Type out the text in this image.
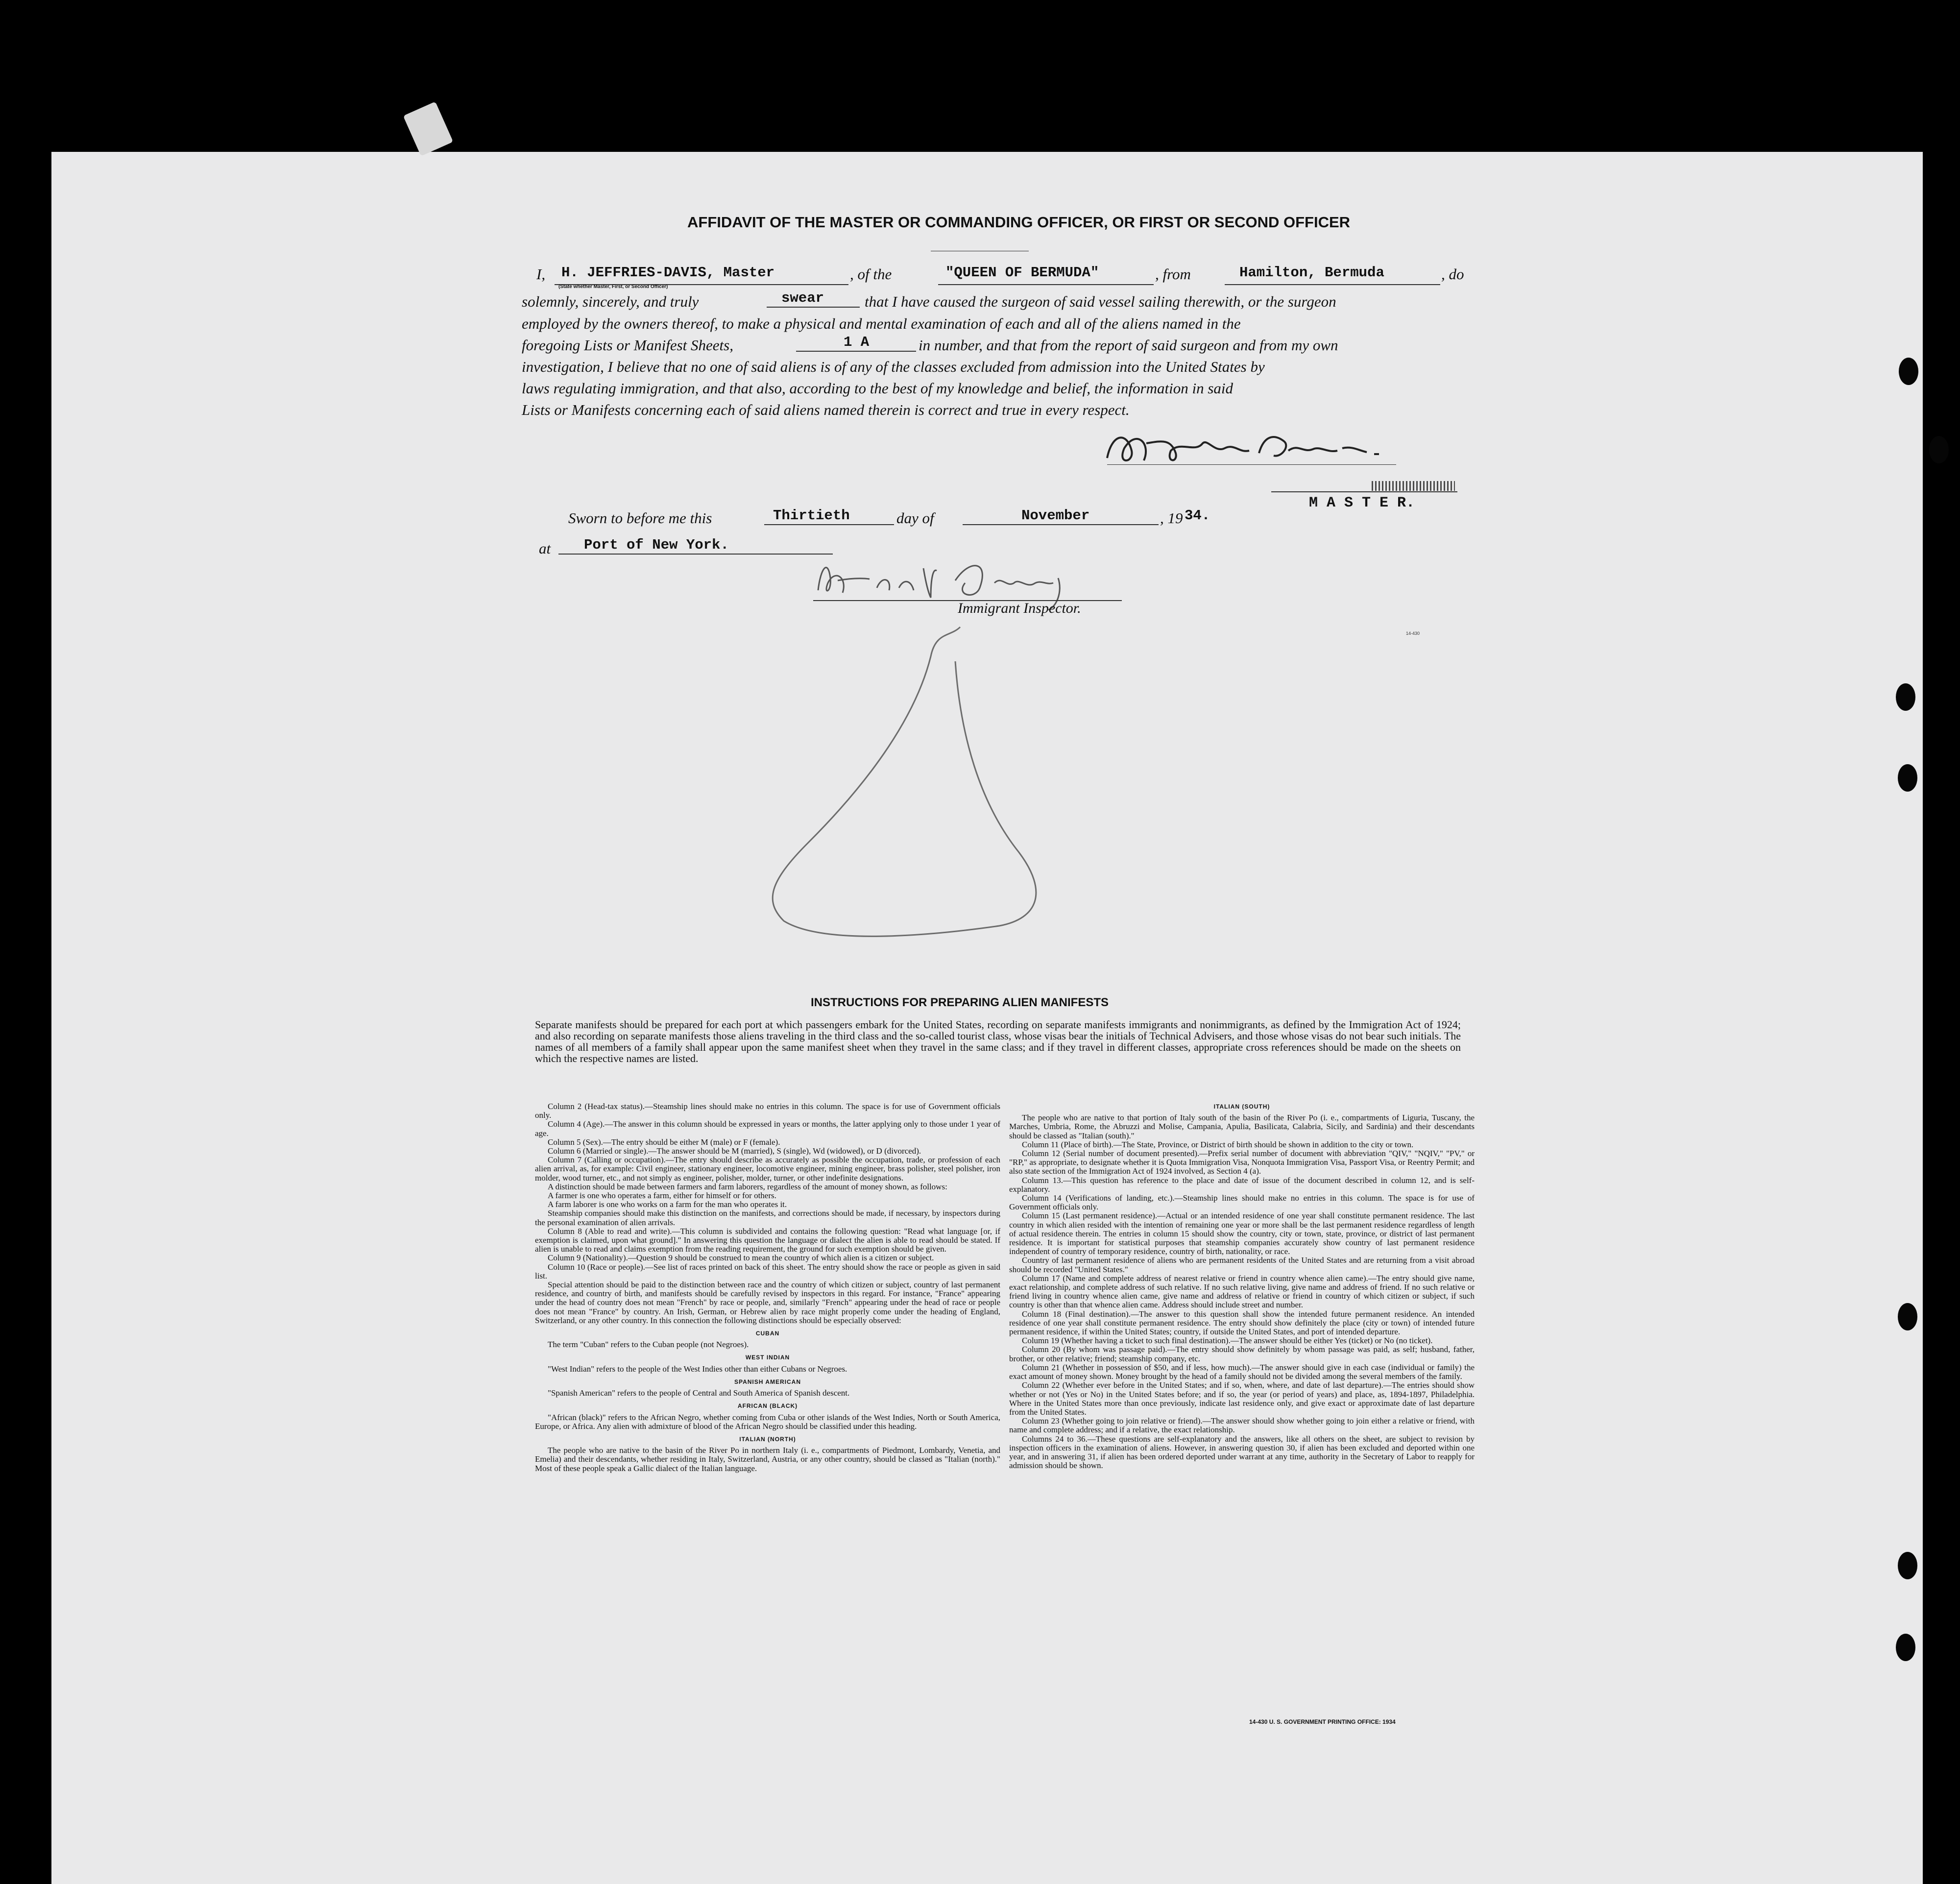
AFFIDAVIT OF THE MASTER OR COMMANDING OFFICER, OR FIRST OR SECOND OFFICER
I, H. JEFFRIES-DAVIS, Master	, of the	"QUEEN OF BERMUDA"	, from	Hamilton, Bermuda	, do
(State whether Master, First, or Second Officer)
solemnly, sincerely, and truly	swear	that I have caused the surgeon of said vessel sailing therewith, or the surgeon
employed by the owners thereof, to make a physical and mental examination of each and all of the aliens named in the
foregoing Lists or Manifest Sheets,	1 A	in number, and that from the report of said surgeon and from my own
investigation, I believe that no one of said aliens is of any of the classes excluded from admission into the United States by
laws regulating immigration, and that also, according to the best of my knowledge and belief, the information in said
Lists or Manifests concerning each of said aliens named therein is correct and true in every respect.
M A S T E R.
Sworn to before me this	Thirtieth	day of	November	, 19 34.
at Port of New York.
Immigrant Inspector.
14-430
INSTRUCTIONS FOR PREPARING ALIEN MANIFESTS
Separate manifests should be prepared for each port at which passengers embark for the United States, recording on separate manifests immigrants and nonimmigrants, as defined by the Immigration Act of 1924; and also recording on separate manifests those aliens traveling in the third class and the so-called tourist class, whose visas bear the initials of Technical Advisers, and those whose visas do not bear such initials. The names of all members of a family shall appear upon the same manifest sheet when they travel in the same class; and if they travel in different classes, appropriate cross references should be made on the sheets on which the respective names are listed.

Column 2 (Head-tax status).—Steamship lines should make no entries in this column. The space is for use of Government officials only.

Column 4 (Age).—The answer in this column should be expressed in years or months, the latter applying only to those under 1 year of age.

Column 5 (Sex).—The entry should be either M (male) or F (female).

Column 6 (Married or single).—The answer should be M (married), S (single), Wd (widowed), or D (divorced).

Column 7 (Calling or occupation).—The entry should describe as accurately as possible the occupation, trade, or profession of each alien arrival, as, for example: Civil engineer, stationary engineer, locomotive engineer, mining engineer, brass polisher, steel polisher, iron molder, wood turner, etc., and not simply as engineer, polisher, molder, turner, or other indefinite designations.

A distinction should be made between farmers and farm laborers, regardless of the amount of money shown, as follows:

A farmer is one who operates a farm, either for himself or for others.

A farm laborer is one who works on a farm for the man who operates it.

Steamship companies should make this distinction on the manifests, and corrections should be made, if necessary, by inspectors during the personal examination of alien arrivals.

Column 8 (Able to read and write).—This column is subdivided and contains the following question: "Read what language [or, if exemption is claimed, upon what ground]." In answering this question the language or dialect the alien is able to read should be stated. If alien is unable to read and claims exemption from the reading requirement, the ground for such exemption should be given.

Column 9 (Nationality).—Question 9 should be construed to mean the country of which alien is a citizen or subject.

Column 10 (Race or people).—See list of races printed on back of this sheet. The entry should show the race or people as given in said list.

Special attention should be paid to the distinction between race and the country of which citizen or subject, country of last permanent residence, and country of birth, and manifests should be carefully revised by inspectors in this regard. For instance, "France" appearing under the head of country does not mean "French" by race or people, and, similarly "French" appearing under the head of race or people does not mean "France" by country. An Irish, German, or Hebrew alien by race might properly come under the heading of England, Switzerland, or any other country. In this connection the following distinctions should be especially observed:

CUBAN

The term "Cuban" refers to the Cuban people (not Negroes).

WEST INDIAN

"West Indian" refers to the people of the West Indies other than either Cubans or Negroes.

SPANISH AMERICAN

"Spanish American" refers to the people of Central and South America of Spanish descent.

AFRICAN (BLACK)

"African (black)" refers to the African Negro, whether coming from Cuba or other islands of the West Indies, North or South America, Europe, or Africa. Any alien with admixture of blood of the African Negro should be classified under this heading.

ITALIAN (NORTH)

The people who are native to the basin of the River Po in northern Italy (i. e., compartments of Piedmont, Lombardy, Venetia, and Emelia) and their descendants, whether residing in Italy, Switzerland, Austria, or any other country, should be classed as "Italian (north)." Most of these people speak a Gallic dialect of the Italian language.

ITALIAN (SOUTH)

The people who are native to that portion of Italy south of the basin of the River Po (i. e., compartments of Liguria, Tuscany, the Marches, Umbria, Rome, the Abruzzi and Molise, Campania, Apulia, Basilicata, Calabria, Sicily, and Sardinia) and their descendants should be classed as "Italian (south)."

Column 11 (Place of birth).—The State, Province, or District of birth should be shown in addition to the city or town.

Column 12 (Serial number of document presented).—Prefix serial number of document with abbreviation "QIV," "NQIV," "PV," or "RP," as appropriate, to designate whether it is Quota Immigration Visa, Nonquota Immigration Visa, Passport Visa, or Reentry Permit; and also state section of the Immigration Act of 1924 involved, as Section 4 (a).

Column 13.—This question has reference to the place and date of issue of the document described in column 12, and is self-explanatory.

Column 14 (Verifications of landing, etc.).—Steamship lines should make no entries in this column. The space is for use of Government officials only.

Column 15 (Last permanent residence).—Actual or an intended residence of one year shall constitute permanent residence. The last country in which alien resided with the intention of remaining one year or more shall be the last permanent residence regardless of length of actual residence therein. The entries in column 15 should show the country, city or town, state, province, or district of last permanent residence. It is important for statistical purposes that steamship companies accurately show country of last permanent residence independent of country of temporary residence, country of birth, nationality, or race.

Country of last permanent residence of aliens who are permanent residents of the United States and are returning from a visit abroad should be recorded "United States."

Column 17 (Name and complete address of nearest relative or friend in country whence alien came).—The entry should give name, exact relationship, and complete address of such relative. If no such relative living, give name and address of friend. If no such relative or friend living in country whence alien came, give name and address of relative or friend in country of which citizen or subject, if such country is other than that whence alien came. Address should include street and number.

Column 18 (Final destination).—The answer to this question shall show the intended future permanent residence. An intended residence of one year shall constitute permanent residence. The entry should show definitely the place (city or town) of intended future permanent residence, if within the United States; country, if outside the United States, and port of intended departure.

Column 19 (Whether having a ticket to such final destination).—The answer should be either Yes (ticket) or No (no ticket).

Column 20 (By whom was passage paid).—The entry should show definitely by whom passage was paid, as self; husband, father, brother, or other relative; friend; steamship company, etc.

Column 21 (Whether in possession of $50, and if less, how much).—The answer should give in each case (individual or family) the exact amount of money shown. Money brought by the head of a family should not be divided among the several members of the family.

Column 22 (Whether ever before in the United States; and if so, when, where, and date of last departure).—The entries should show whether or not (Yes or No) in the United States before; and if so, the year (or period of years) and place, as, 1894-1897, Philadelphia. Where in the United States more than once previously, indicate last residence only, and give exact or approximate date of last departure from the United States.

Column 23 (Whether going to join relative or friend).—The answer should show whether going to join either a relative or friend, with name and complete address; and if a relative, the exact relationship.

Columns 24 to 36.—These questions are self-explanatory and the answers, like all others on the sheet, are subject to revision by inspection officers in the examination of aliens. However, in answering question 30, if alien has been excluded and deported within one year, and in answering 31, if alien has been ordered deported under warrant at any time, authority in the Secretary of Labor to reapply for admission should be shown.

14-430 U. S. GOVERNMENT PRINTING OFFICE: 1934
